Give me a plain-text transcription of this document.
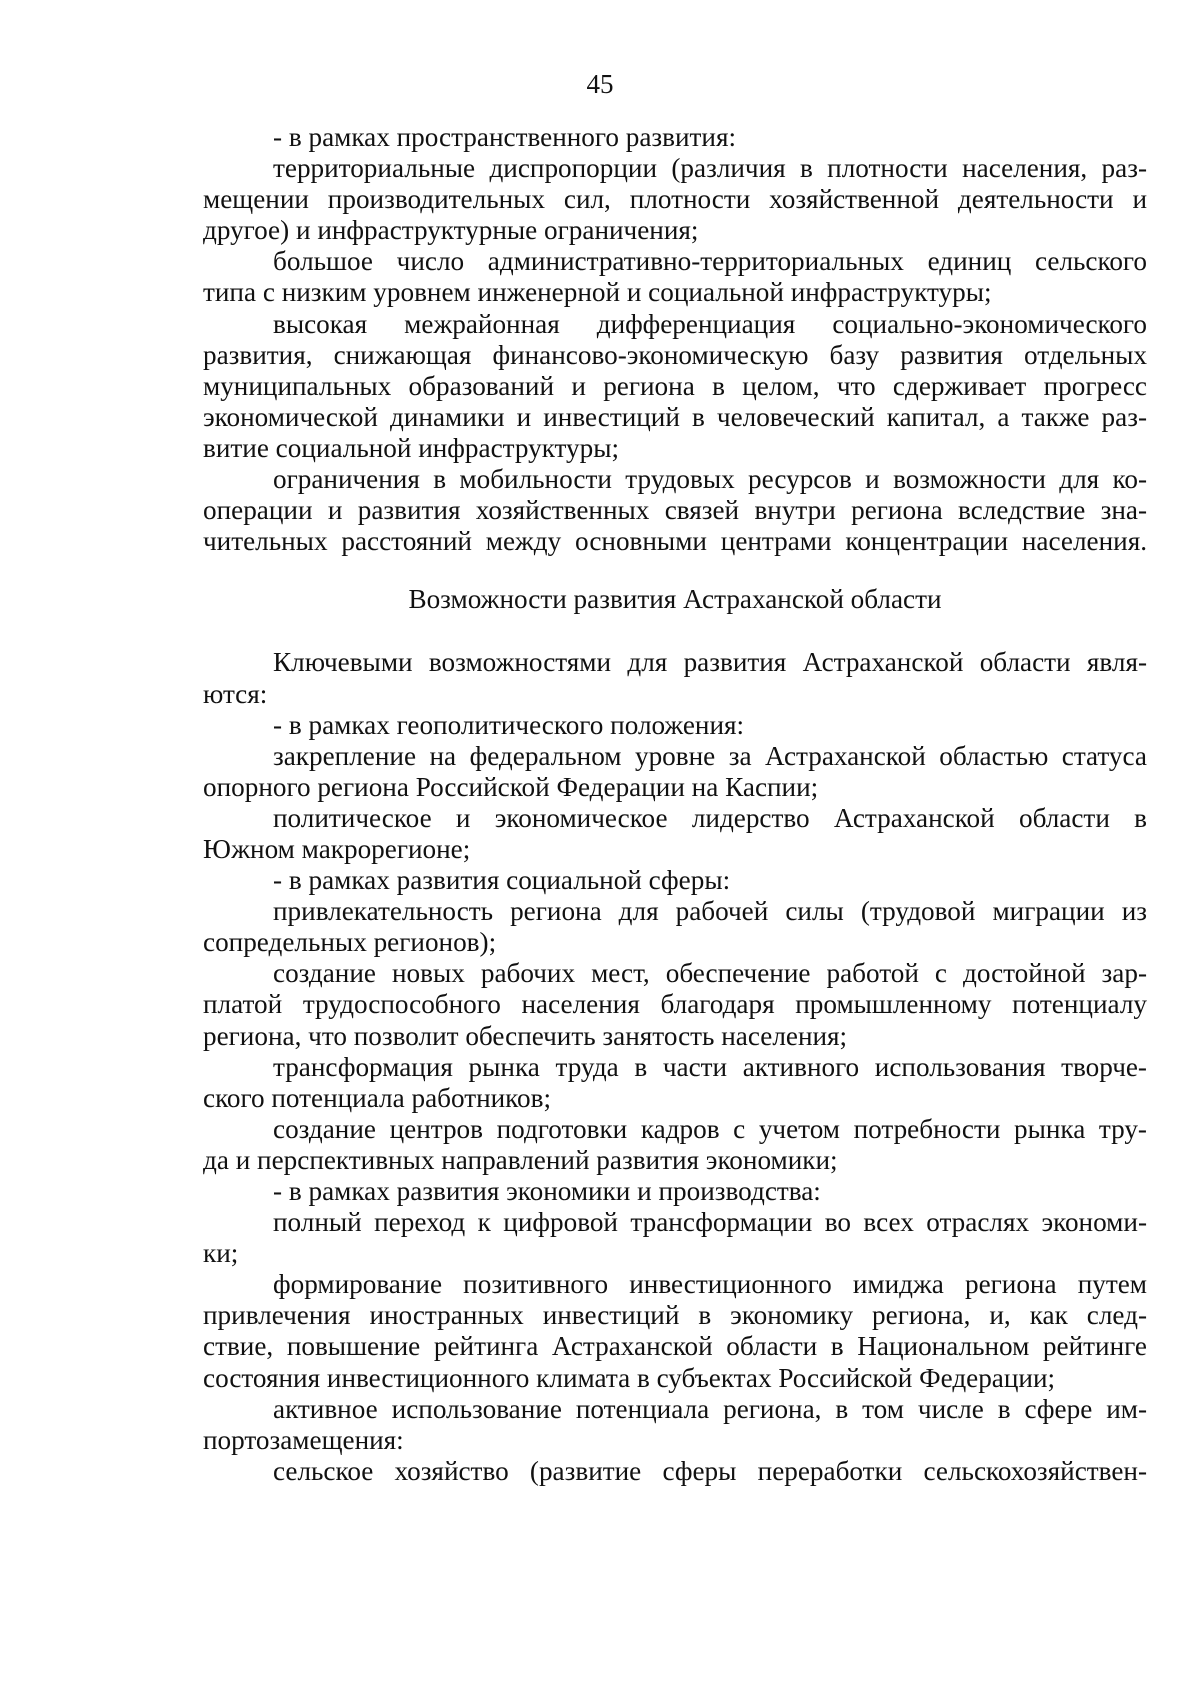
45
- в рамках пространственного развития:
территориальные диспропорции (различия в плотности населения, раз-
мещении производительных сил, плотности хозяйственной деятельности и
другое) и инфраструктурные ограничения;
большое число административно-территориальных единиц сельского
типа с низким уровнем инженерной и социальной инфраструктуры;
высокая межрайонная дифференциация социально-экономического
развития, снижающая финансово-экономическую базу развития отдельных
муниципальных образований и региона в целом, что сдерживает прогресс
экономической динамики и инвестиций в человеческий капитал, а также раз-
витие социальной инфраструктуры;
ограничения в мобильности трудовых ресурсов и возможности для ко-
операции и развития хозяйственных связей внутри региона вследствие зна-
чительных расстояний между основными центрами концентрации населения.
Возможности развития Астраханской области
Ключевыми возможностями для развития Астраханской области явля-
ются:
- в рамках геополитического положения:
закрепление на федеральном уровне за Астраханской областью статуса
опорного региона Российской Федерации на Каспии;
политическое и экономическое лидерство Астраханской области в
Южном макрорегионе;
- в рамках развития социальной сферы:
привлекательность региона для рабочей силы (трудовой миграции из
сопредельных регионов);
создание новых рабочих мест, обеспечение работой с достойной зар-
платой трудоспособного населения благодаря промышленному потенциалу
региона, что позволит обеспечить занятость населения;
трансформация рынка труда в части активного использования творче-
ского потенциала работников;
создание центров подготовки кадров с учетом потребности рынка тру-
да и перспективных направлений развития экономики;
- в рамках развития экономики и производства:
полный переход к цифровой трансформации во всех отраслях экономи-
ки;
формирование позитивного инвестиционного имиджа региона путем
привлечения иностранных инвестиций в экономику региона, и, как след-
ствие, повышение рейтинга Астраханской области в Национальном рейтинге
состояния инвестиционного климата в субъектах Российской Федерации;
активное использование потенциала региона, в том числе в сфере им-
портозамещения:
сельское хозяйство (развитие сферы переработки сельскохозяйствен-
